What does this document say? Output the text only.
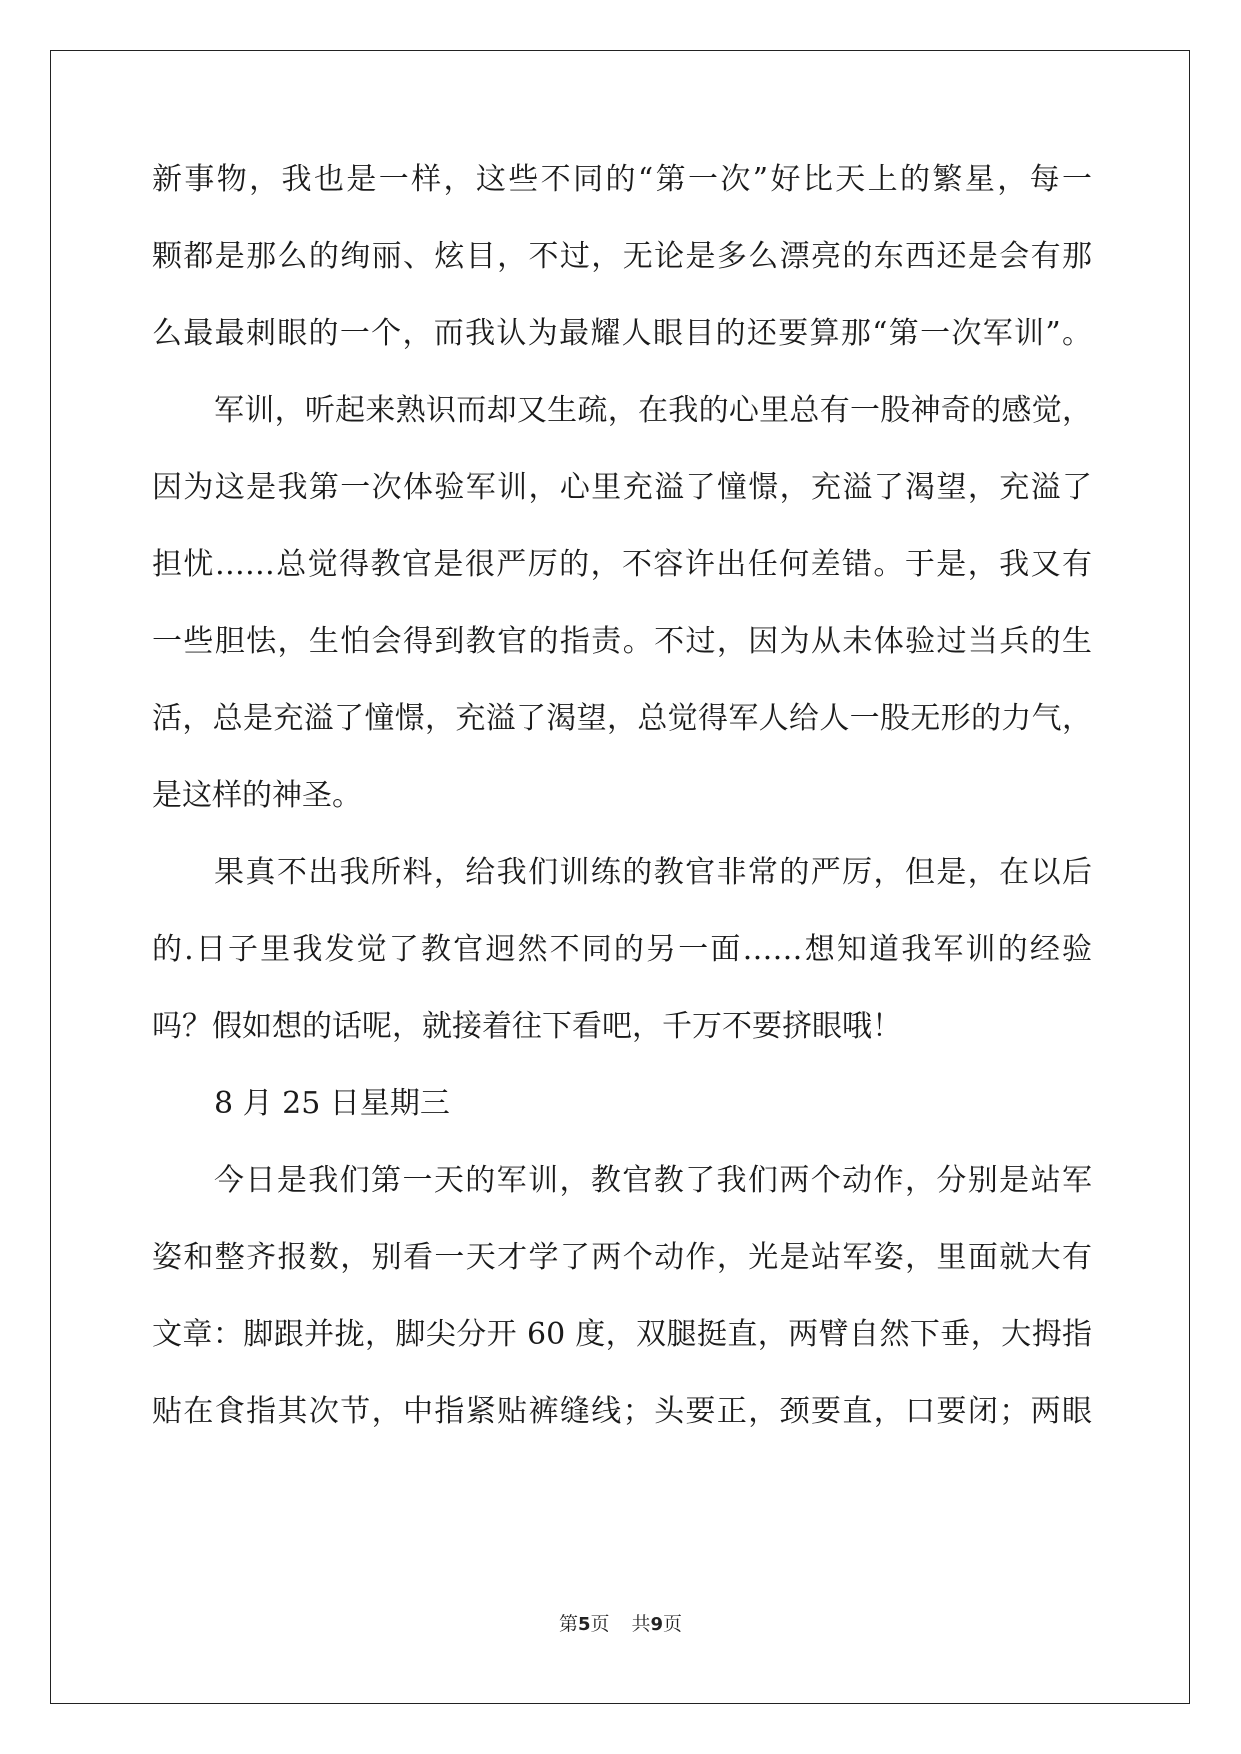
新事物，我也是一样，这些不同的“第一次”好比天上的繁星，每一
颗都是那么的绚丽、炫目，不过，无论是多么漂亮的东西还是会有那
么最最刺眼的一个，而我认为最耀人眼目的还要算那“第一次军训”。
军训，听起来熟识而却又生疏，在我的心里总有一股神奇的感觉，
因为这是我第一次体验军训，心里充溢了憧憬，充溢了渴望，充溢了
担忧……总觉得教官是很严厉的，不容许出任何差错。于是，我又有
一些胆怯，生怕会得到教官的指责。不过，因为从未体验过当兵的生
活，总是充溢了憧憬，充溢了渴望，总觉得军人给人一股无形的力气，
是这样的神圣。
果真不出我所料，给我们训练的教官非常的严厉，但是，在以后
的.日子里我发觉了教官迥然不同的另一面……想知道我军训的经验
吗？假如想的话呢，就接着往下看吧，千万不要挤眼哦！
8 月 25 日星期三
今日是我们第一天的军训，教官教了我们两个动作，分别是站军
姿和整齐报数，别看一天才学了两个动作，光是站军姿，里面就大有
文章：脚跟并拢，脚尖分开 60 度，双腿挺直，两臂自然下垂，大拇指
贴在食指其次节，中指紧贴裤缝线；头要正，颈要直，口要闭；两眼
第5页 共9页
